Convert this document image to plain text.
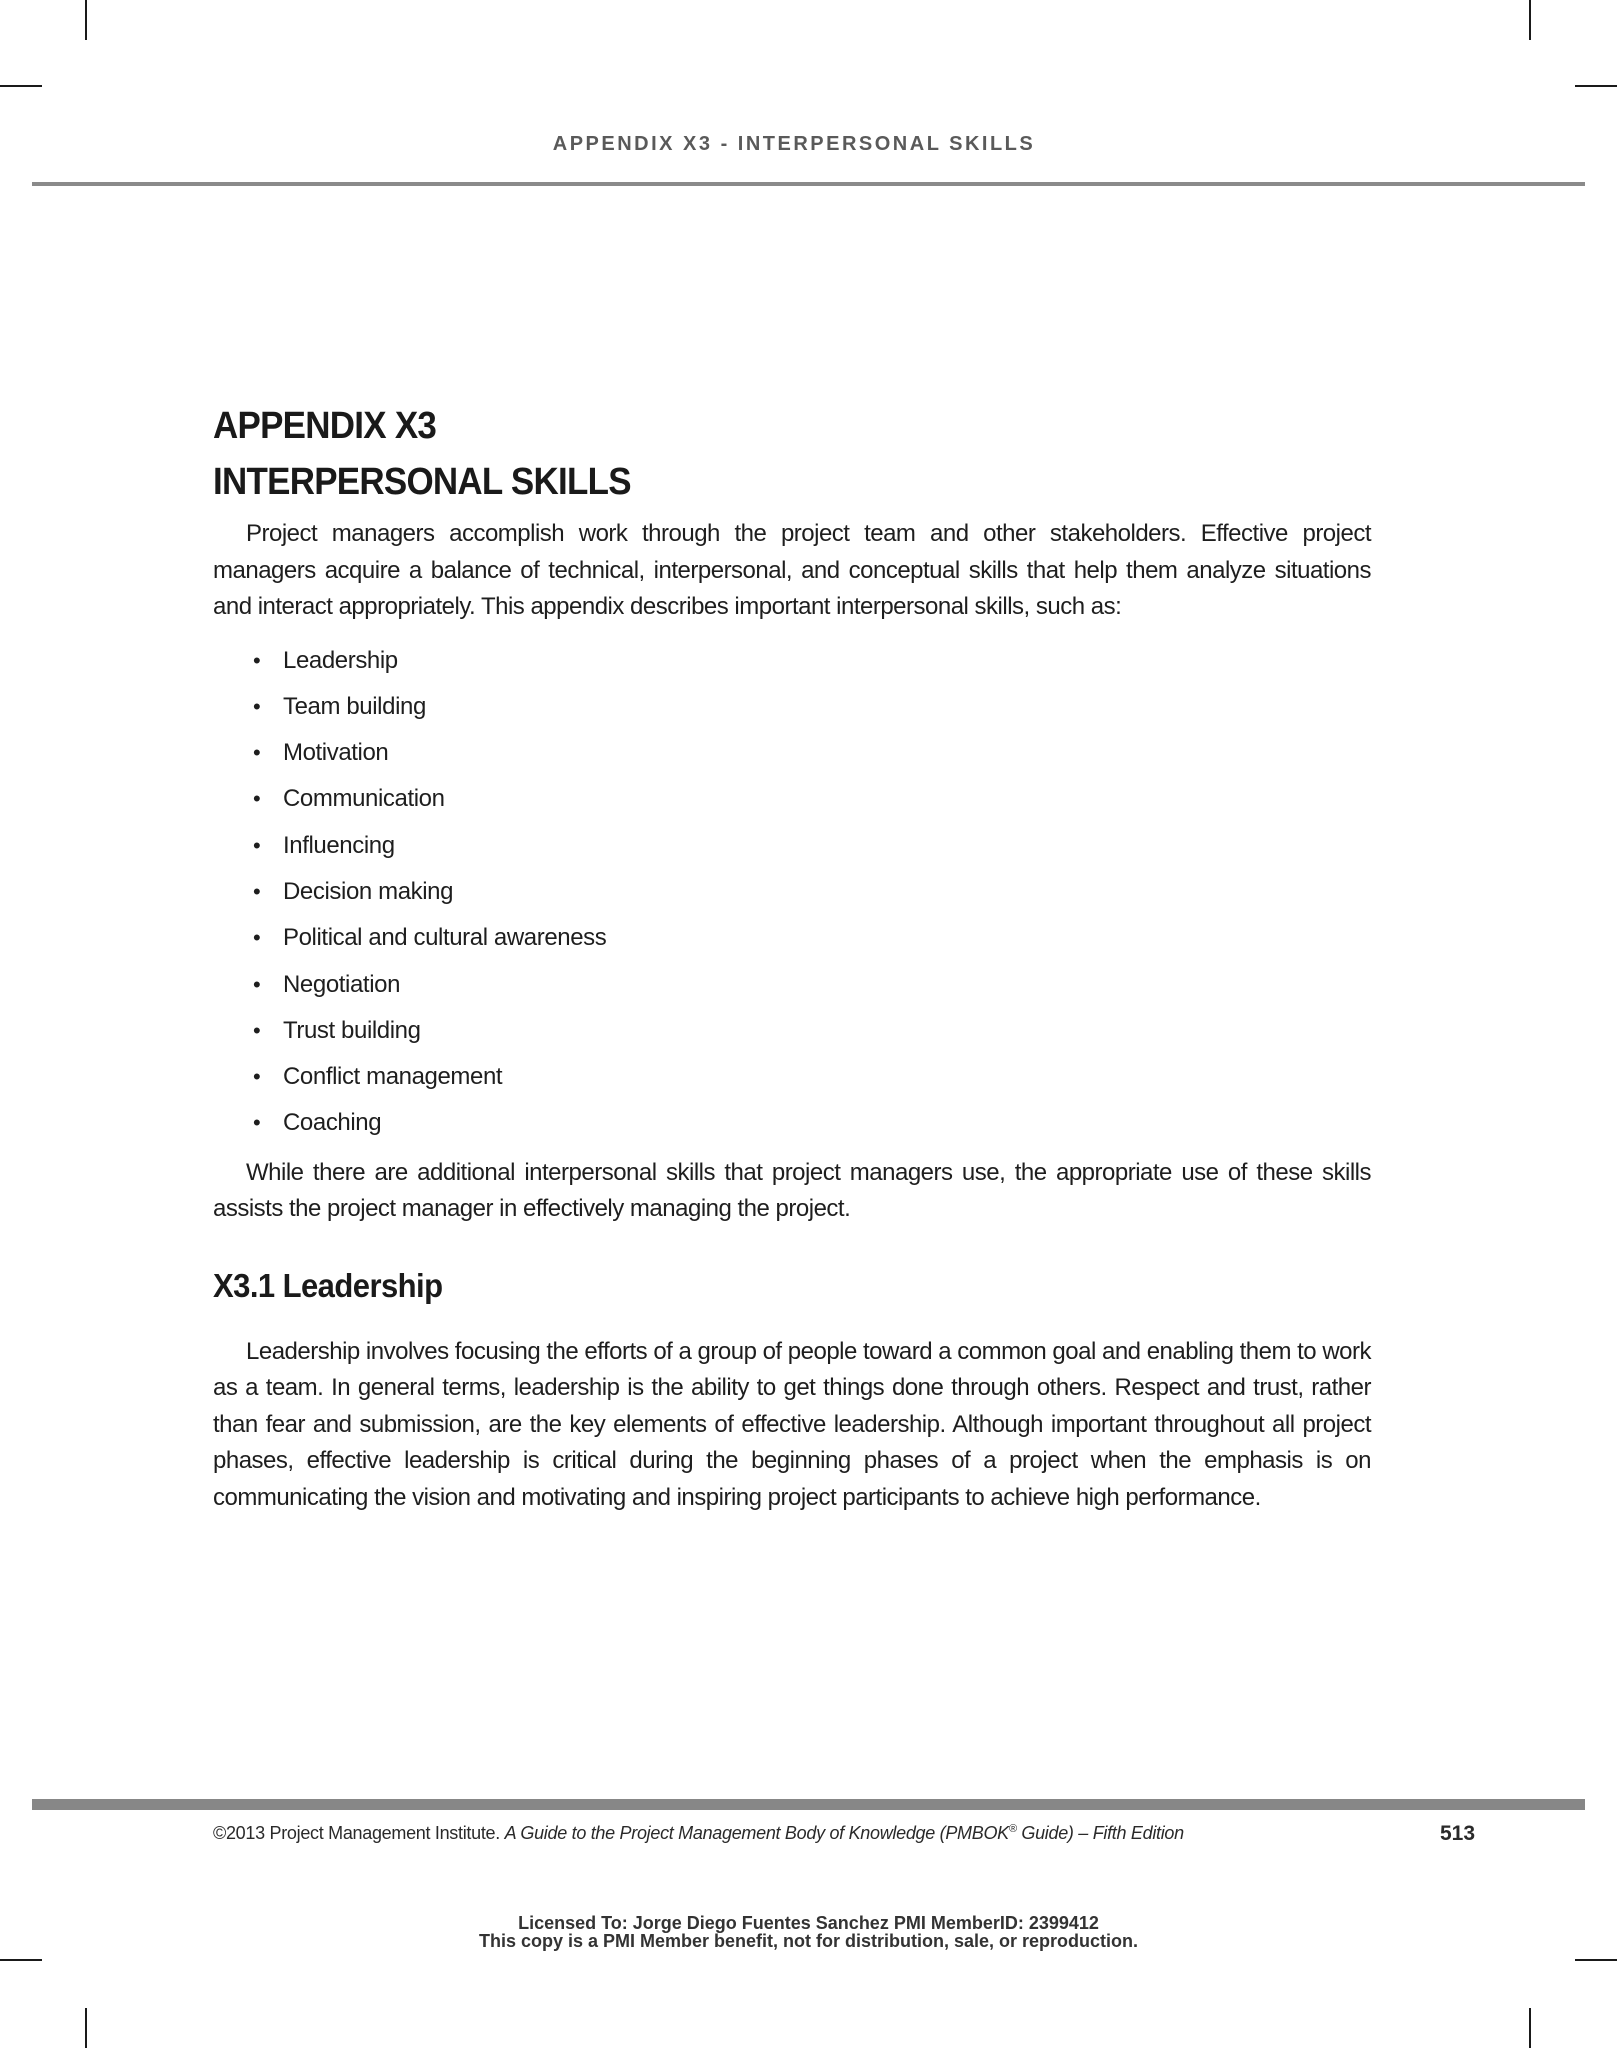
APPENDIX X3 - INTERPERSONAL SKILLS
APPENDIX X3
INTERPERSONAL SKILLS

Project managers accomplish work through the project team and other stakeholders. Effective project managers acquire a balance of technical, interpersonal, and conceptual skills that help them analyze situations and interact appropriately. This appendix describes important interpersonal skills, such as:

• Leadership
• Team building
• Motivation
• Communication
• Influencing
• Decision making
• Political and cultural awareness
• Negotiation
• Trust building
• Conflict management
• Coaching

While there are additional interpersonal skills that project managers use, the appropriate use of these skills assists the project manager in effectively managing the project.

X3.1 Leadership

Leadership involves focusing the efforts of a group of people toward a common goal and enabling them to work as a team. In general terms, leadership is the ability to get things done through others. Respect and trust, rather than fear and submission, are the key elements of effective leadership. Although important throughout all project phases, effective leadership is critical during the beginning phases of a project when the emphasis is on communicating the vision and motivating and inspiring project participants to achieve high performance.

©2013 Project Management Institute. A Guide to the Project Management Body of Knowledge (PMBOK® Guide) – Fifth Edition	513
Licensed To: Jorge Diego Fuentes Sanchez PMI MemberID: 2399412
This copy is a PMI Member benefit, not for distribution, sale, or reproduction.
